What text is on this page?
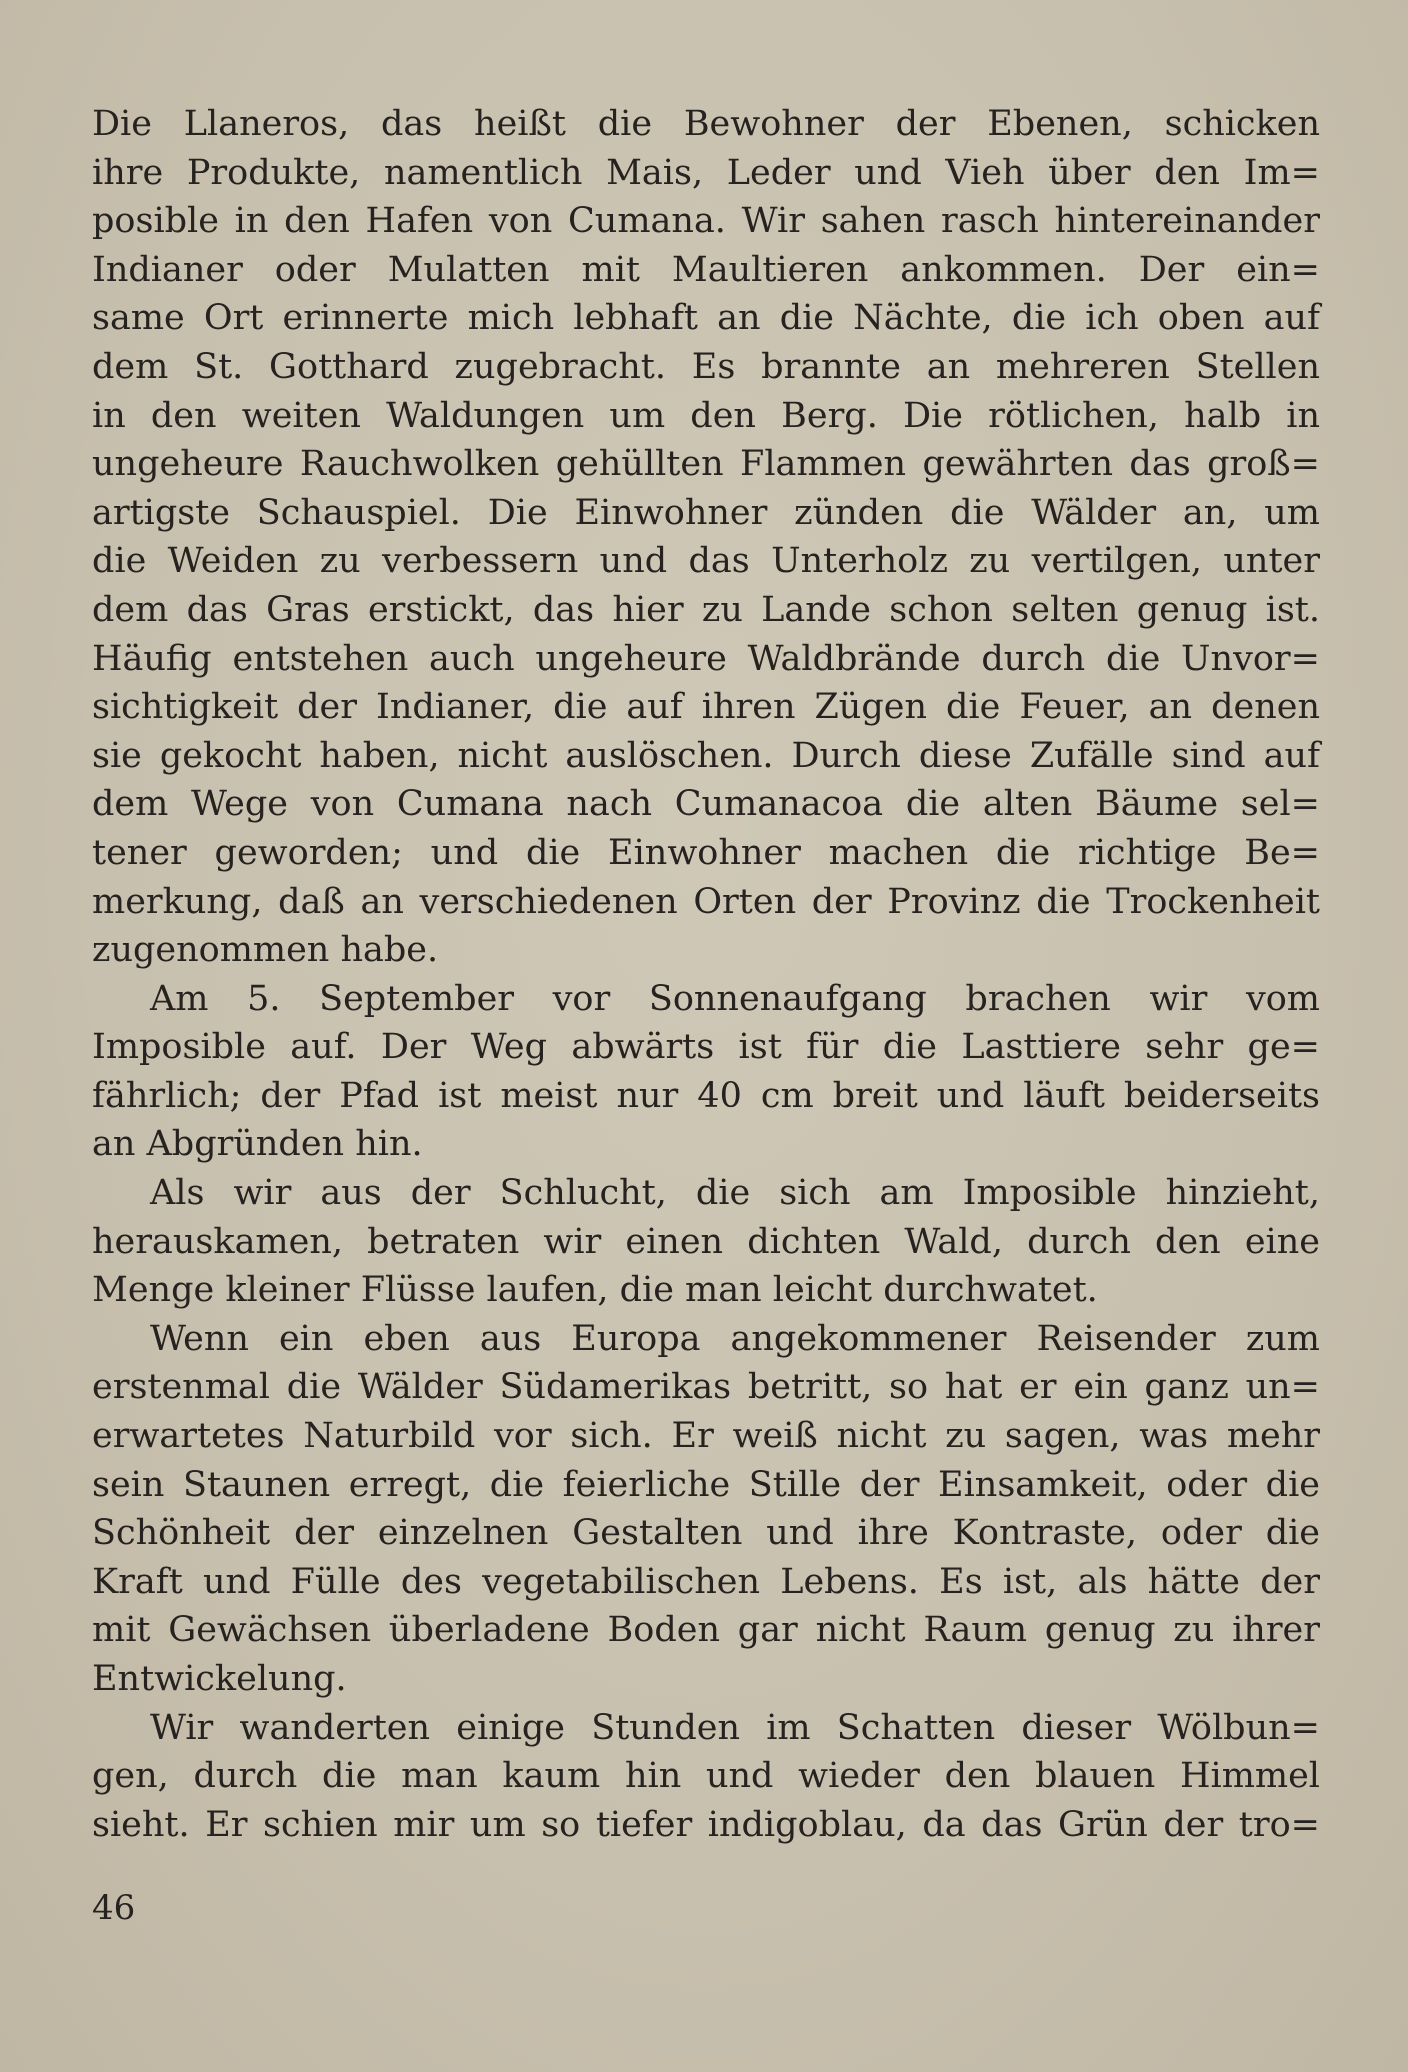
Die Llaneros, das heißt die Bewohner der Ebenen, schicken
ihre Produkte, namentlich Mais, Leder und Vieh über den Im=
posible in den Hafen von Cumana. Wir sahen rasch hintereinander
Indianer oder Mulatten mit Maultieren ankommen. Der ein=
same Ort erinnerte mich lebhaft an die Nächte, die ich oben auf
dem St. Gotthard zugebracht. Es brannte an mehreren Stellen
in den weiten Waldungen um den Berg. Die rötlichen, halb in
ungeheure Rauchwolken gehüllten Flammen gewährten das groß=
artigste Schauspiel. Die Einwohner zünden die Wälder an, um
die Weiden zu verbessern und das Unterholz zu vertilgen, unter
dem das Gras erstickt, das hier zu Lande schon selten genug ist.
Häufig entstehen auch ungeheure Waldbrände durch die Unvor=
sichtigkeit der Indianer, die auf ihren Zügen die Feuer, an denen
sie gekocht haben, nicht auslöschen. Durch diese Zufälle sind auf
dem Wege von Cumana nach Cumanacoa die alten Bäume sel=
tener geworden; und die Einwohner machen die richtige Be=
merkung, daß an verschiedenen Orten der Provinz die Trockenheit
zugenommen habe.
Am 5. September vor Sonnenaufgang brachen wir vom
Imposible auf. Der Weg abwärts ist für die Lasttiere sehr ge=
fährlich; der Pfad ist meist nur 40 cm breit und läuft beiderseits
an Abgründen hin.
Als wir aus der Schlucht, die sich am Imposible hinzieht,
herauskamen, betraten wir einen dichten Wald, durch den eine
Menge kleiner Flüsse laufen, die man leicht durchwatet.
Wenn ein eben aus Europa angekommener Reisender zum
erstenmal die Wälder Südamerikas betritt, so hat er ein ganz un=
erwartetes Naturbild vor sich. Er weiß nicht zu sagen, was mehr
sein Staunen erregt, die feierliche Stille der Einsamkeit, oder die
Schönheit der einzelnen Gestalten und ihre Kontraste, oder die
Kraft und Fülle des vegetabilischen Lebens. Es ist, als hätte der
mit Gewächsen überladene Boden gar nicht Raum genug zu ihrer
Entwickelung.
Wir wanderten einige Stunden im Schatten dieser Wölbun=
gen, durch die man kaum hin und wieder den blauen Himmel
sieht. Er schien mir um so tiefer indigoblau, da das Grün der tro=
46
